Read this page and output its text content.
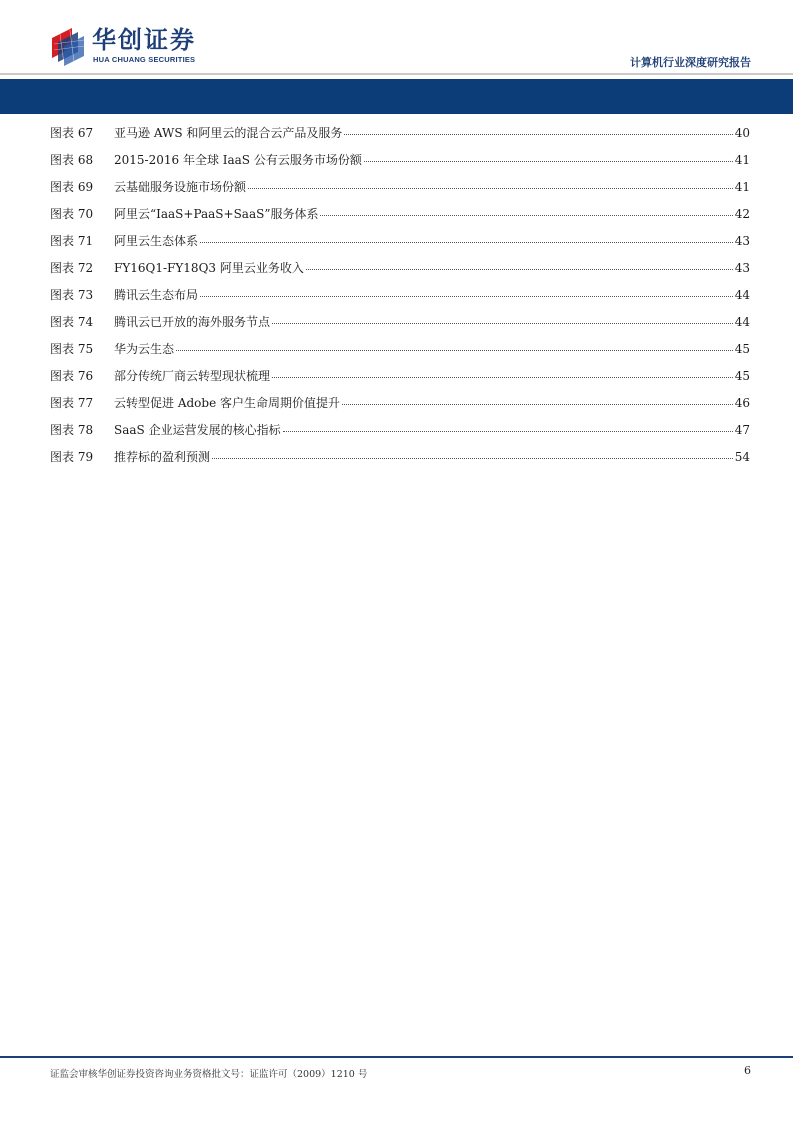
华创证券
HUA CHUANG SECURITIES	计算机行业深度研究报告
图表 67	亚马逊 AWS 和阿里云的混合云产品及服务	40
图表 68	2015-2016 年全球 IaaS 公有云服务市场份额	41
图表 69	云基础服务设施市场份额	41
图表 70	阿里云“IaaS+PaaS+SaaS”服务体系	42
图表 71	阿里云生态体系	43
图表 72	FY16Q1-FY18Q3 阿里云业务收入	43
图表 73	腾讯云生态布局	44
图表 74	腾讯云已开放的海外服务节点	44
图表 75	华为云生态	45
图表 76	部分传统厂商云转型现状梳理	45
图表 77	云转型促进 Adobe 客户生命周期价值提升	46
图表 78	SaaS 企业运营发展的核心指标	47
图表 79	推荐标的盈利预测	54
证监会审核华创证券投资咨询业务资格批文号：证监许可（2009）1210 号	6
